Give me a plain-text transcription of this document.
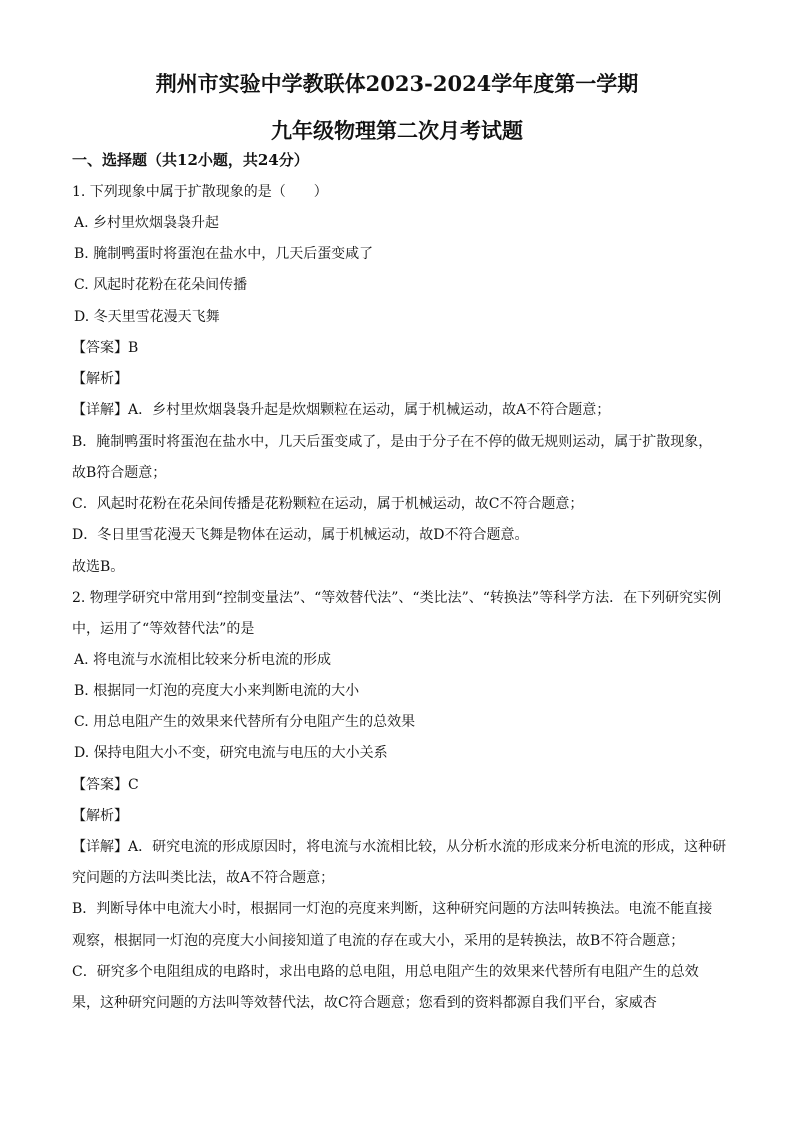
荆州市实验中学教联体2023-2024学年度第一学期
九年级物理第二次月考试题
一、选择题（共12小题，共24分）
1. 下列现象中属于扩散现象的是（　　）
A. 乡村里炊烟袅袅升起
B. 腌制鸭蛋时将蛋泡在盐水中，几天后蛋变咸了
C. 风起时花粉在花朵间传播
D. 冬天里雪花漫天飞舞
【答案】B
【解析】
【详解】A．乡村里炊烟袅袅升起是炊烟颗粒在运动，属于机械运动，故A不符合题意；
B．腌制鸭蛋时将蛋泡在盐水中，几天后蛋变咸了，是由于分子在不停的做无规则运动，属于扩散现象，
故B符合题意；
C．风起时花粉在花朵间传播是花粉颗粒在运动，属于机械运动，故C不符合题意；
D．冬日里雪花漫天飞舞是物体在运动，属于机械运动，故D不符合题意。
故选B。
2. 物理学研究中常用到“控制变量法”、“等效替代法”、“类比法”、“转换法”等科学方法．在下列研究实例
中，运用了“等效替代法”的是
A. 将电流与水流相比较来分析电流的形成
B. 根据同一灯泡的亮度大小来判断电流的大小
C. 用总电阻产生的效果来代替所有分电阻产生的总效果
D. 保持电阻大小不变，研究电流与电压的大小关系
【答案】C
【解析】
【详解】A．研究电流的形成原因时，将电流与水流相比较，从分析水流的形成来分析电流的形成，这种研
究问题的方法叫类比法，故A不符合题意；
B．判断导体中电流大小时，根据同一灯泡的亮度来判断，这种研究问题的方法叫转换法。电流不能直接
观察，根据同一灯泡的亮度大小间接知道了电流的存在或大小，采用的是转换法，故B不符合题意；
C．研究多个电阻组成的电路时，求出电路的总电阻，用总电阻产生的效果来代替所有电阻产生的总效
果，这种研究问题的方法叫等效替代法，故C符合题意；您看到的资料都源自我们平台，家威杏
